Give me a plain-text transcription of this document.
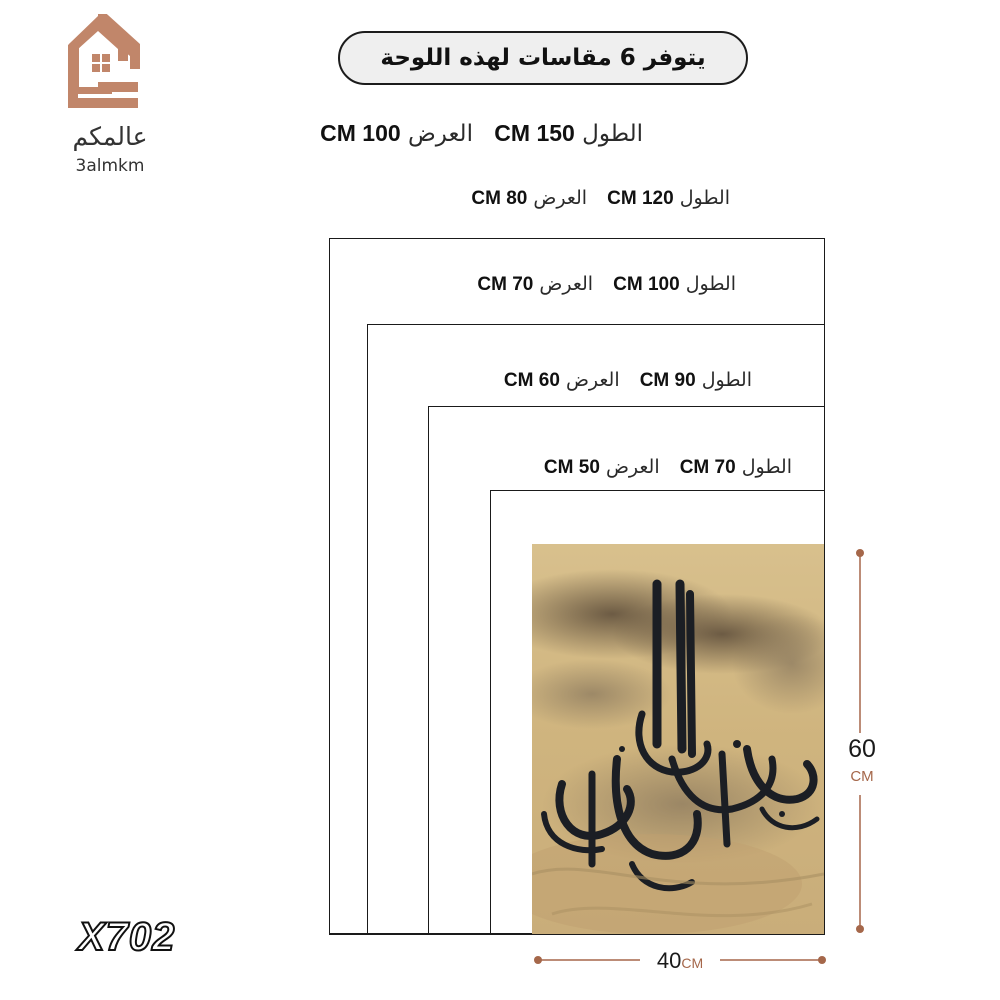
عالمكم
3almkm
يتوفر 6 مقاسات لهذه اللوحة
الطول 150 CM العرض 100 CM
الطول 120 CM العرض 80 CM
الطول 100 CM العرض 70 CM
الطول 90 CM العرض 60 CM
الطول 70 CM العرض 50 CM
60
CM
40CM
X702
